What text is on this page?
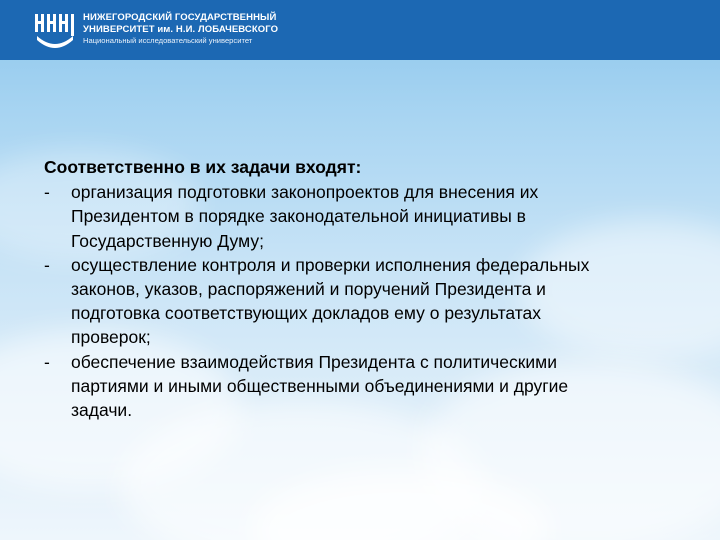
НИЖЕГОРОДСКИЙ ГОСУДАРСТВЕННЫЙ
УНИВЕРСИТЕТ им. Н.И. ЛОБАЧЕВСКОГО
Национальный исследовательский университет
Соответственно в их задачи входят:
-	организация подготовки законопроектов для внесения их
Президентом в порядке законодательной инициативы в
Государственную Думу;
-	осуществление контроля и проверки исполнения федеральных
законов, указов, распоряжений и поручений Президента и
подготовка соответствующих докладов ему о результатах
проверок;
-	обеспечение взаимодействия Президента с политическими
партиями и иными общественными объединениями и другие
задачи.
